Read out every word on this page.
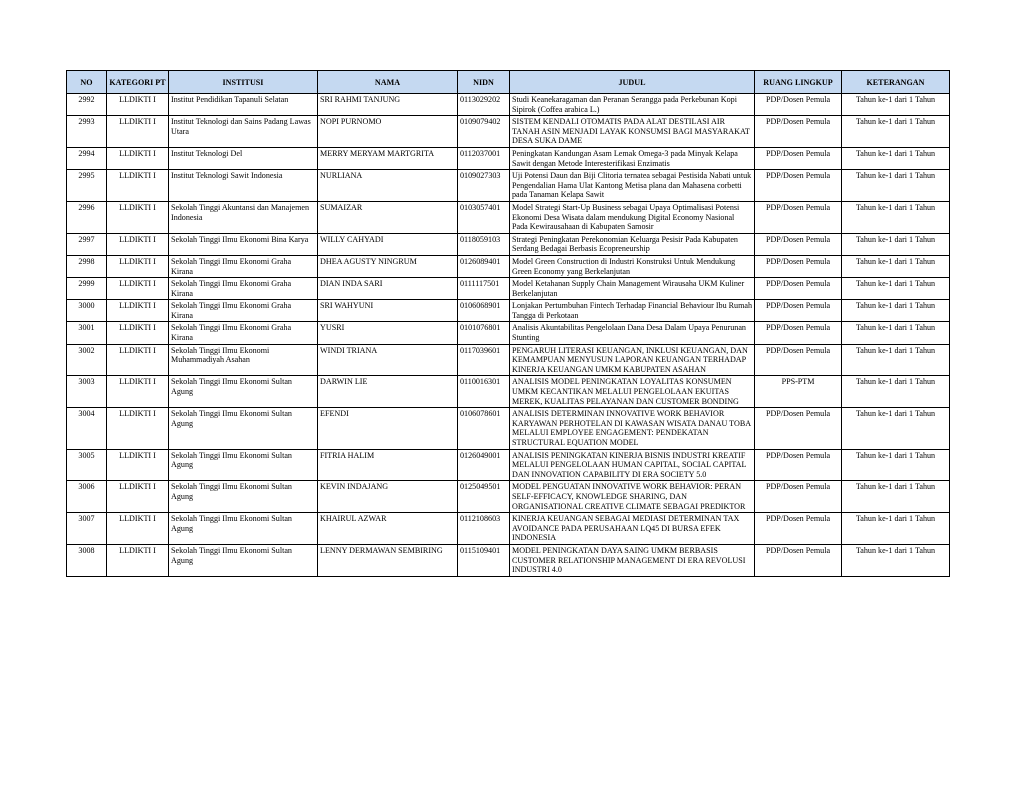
NO	KATEGORI PT	INSTITUSI	NAMA	NIDN	JUDUL	RUANG LINGKUP	KETERANGAN
2992	LLDIKTI I	Institut Pendidikan Tapanuli Selatan	SRI RAHMI TANJUNG	0113029202	Studi Keanekaragaman dan Peranan Serangga pada Perkebunan Kopi Sipirok (Coffea arabica L.)	PDP/Dosen Pemula	Tahun ke-1 dari 1 Tahun
2993	LLDIKTI I	Institut Teknologi dan Sains Padang Lawas Utara	NOPI PURNOMO	0109079402	SISTEM KENDALI OTOMATIS PADA ALAT DESTILASI AIR TANAH ASIN MENJADI LAYAK KONSUMSI BAGI MASYARAKAT DESA SUKA DAME	PDP/Dosen Pemula	Tahun ke-1 dari 1 Tahun
2994	LLDIKTI I	Institut Teknologi Del	MERRY MERYAM MARTGRITA	0112037001	Peningkatan Kandungan Asam Lemak Omega-3 pada Minyak Kelapa Sawit dengan Metode Interesterifikasi Enzimatis	PDP/Dosen Pemula	Tahun ke-1 dari 1 Tahun
2995	LLDIKTI I	Institut Teknologi Sawit Indonesia	NURLIANA	0109027303	Uji Potensi Daun dan Biji Clitoria ternatea sebagai Pestisida Nabati untuk Pengendalian Hama Ulat Kantong Metisa plana dan Mahasena corbetti pada Tanaman Kelapa Sawit	PDP/Dosen Pemula	Tahun ke-1 dari 1 Tahun
2996	LLDIKTI I	Sekolah Tinggi Akuntansi dan Manajemen Indonesia	SUMAIZAR	0103057401	Model Strategi Start-Up Business sebagai Upaya Optimalisasi Potensi Ekonomi Desa Wisata dalam mendukung Digital Economy Nasional Pada Kewirausahaan di Kabupaten Samosir	PDP/Dosen Pemula	Tahun ke-1 dari 1 Tahun
2997	LLDIKTI I	Sekolah Tinggi Ilmu Ekonomi Bina Karya	WILLY CAHYADI	0118059103	Strategi Peningkatan Perekonomian Keluarga Pesisir Pada Kabupaten Serdang Bedagai Berbasis Ecopreneurship	PDP/Dosen Pemula	Tahun ke-1 dari 1 Tahun
2998	LLDIKTI I	Sekolah Tinggi Ilmu Ekonomi Graha Kirana	DHEA AGUSTY NINGRUM	0126089401	Model Green Construction di Industri Konstruksi Untuk Mendukung Green Economy yang Berkelanjutan	PDP/Dosen Pemula	Tahun ke-1 dari 1 Tahun
2999	LLDIKTI I	Sekolah Tinggi Ilmu Ekonomi Graha Kirana	DIAN INDA SARI	0111117501	Model Ketahanan Supply Chain Management Wirausaha UKM Kuliner Berkelanjutan	PDP/Dosen Pemula	Tahun ke-1 dari 1 Tahun
3000	LLDIKTI I	Sekolah Tinggi Ilmu Ekonomi Graha Kirana	SRI WAHYUNI	0106068901	Lonjakan Pertumbuhan Fintech Terhadap Financial Behaviour Ibu Rumah Tangga di Perkotaan	PDP/Dosen Pemula	Tahun ke-1 dari 1 Tahun
3001	LLDIKTI I	Sekolah Tinggi Ilmu Ekonomi Graha Kirana	YUSRI	0101076801	Analisis Akuntabilitas Pengelolaan Dana Desa Dalam Upaya Penurunan Stunting	PDP/Dosen Pemula	Tahun ke-1 dari 1 Tahun
3002	LLDIKTI I	Sekolah Tinggi Ilmu Ekonomi Muhammadiyah Asahan	WINDI TRIANA	0117039601	PENGARUH LITERASI KEUANGAN, INKLUSI KEUANGAN, DAN KEMAMPUAN MENYUSUN LAPORAN KEUANGAN TERHADAP KINERJA KEUANGAN UMKM KABUPATEN ASAHAN	PDP/Dosen Pemula	Tahun ke-1 dari 1 Tahun
3003	LLDIKTI I	Sekolah Tinggi Ilmu Ekonomi Sultan Agung	DARWIN LIE	0110016301	ANALISIS MODEL PENINGKATAN LOYALITAS KONSUMEN UMKM KECANTIKAN MELALUI PENGELOLAAN EKUITAS MEREK, KUALITAS PELAYANAN DAN CUSTOMER BONDING	PPS-PTM	Tahun ke-1 dari 1 Tahun
3004	LLDIKTI I	Sekolah Tinggi Ilmu Ekonomi Sultan Agung	EFENDI	0106078601	ANALISIS DETERMINAN INNOVATIVE WORK BEHAVIOR KARYAWAN PERHOTELAN DI KAWASAN WISATA DANAU TOBA MELALUI EMPLOYEE ENGAGEMENT: PENDEKATAN STRUCTURAL EQUATION MODEL	PDP/Dosen Pemula	Tahun ke-1 dari 1 Tahun
3005	LLDIKTI I	Sekolah Tinggi Ilmu Ekonomi Sultan Agung	FITRIA HALIM	0126049001	ANALISIS PENINGKATAN KINERJA BISNIS INDUSTRI KREATIF MELALUI PENGELOLAAN HUMAN CAPITAL, SOCIAL CAPITAL DAN INNOVATION CAPABILITY DI ERA SOCIETY 5.0	PDP/Dosen Pemula	Tahun ke-1 dari 1 Tahun
3006	LLDIKTI I	Sekolah Tinggi Ilmu Ekonomi Sultan Agung	KEVIN INDAJANG	0125049501	MODEL PENGUATAN INNOVATIVE WORK BEHAVIOR: PERAN SELF-EFFICACY, KNOWLEDGE SHARING, DAN ORGANISATIONAL CREATIVE CLIMATE SEBAGAI PREDIKTOR	PDP/Dosen Pemula	Tahun ke-1 dari 1 Tahun
3007	LLDIKTI I	Sekolah Tinggi Ilmu Ekonomi Sultan Agung	KHAIRUL AZWAR	0112108603	KINERJA KEUANGAN SEBAGAI MEDIASI DETERMINAN TAX AVOIDANCE PADA PERUSAHAAN LQ45 DI BURSA EFEK INDONESIA	PDP/Dosen Pemula	Tahun ke-1 dari 1 Tahun
3008	LLDIKTI I	Sekolah Tinggi Ilmu Ekonomi Sultan Agung	LENNY DERMAWAN SEMBIRING	0115109401	MODEL PENINGKATAN DAYA SAING UMKM BERBASIS CUSTOMER RELATIONSHIP MANAGEMENT DI ERA REVOLUSI INDUSTRI 4.0	PDP/Dosen Pemula	Tahun ke-1 dari 1 Tahun
